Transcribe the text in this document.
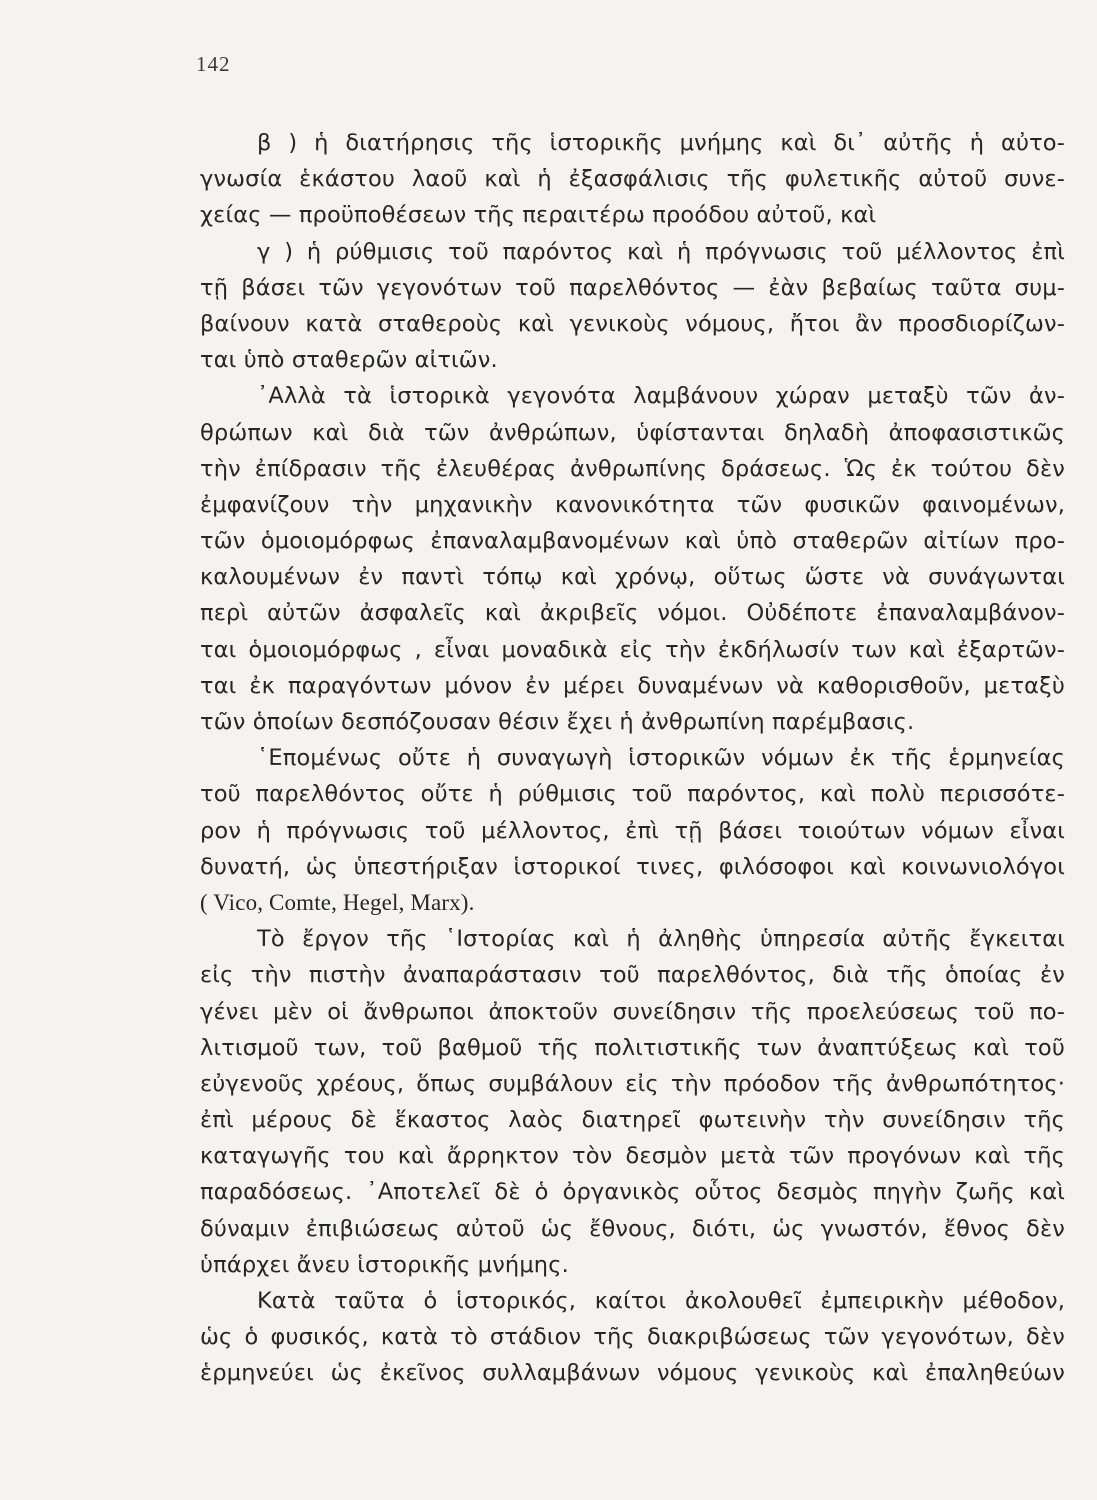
142
β ) ἡ διατήρησις τῆς ἱστορικῆς μνήμης καὶ δι᾽ αὐτῆς ἡ αὐτο-
γνωσία ἑκάστου λαοῦ καὶ ἡ ἐξασφάλισις τῆς φυλετικῆς αὐτοῦ συνε-
χείας — προϋποθέσεων τῆς περαιτέρω προόδου αὐτοῦ, καὶ
γ ) ἡ ρύθμισις τοῦ παρόντος καὶ ἡ πρόγνωσις τοῦ μέλλοντος ἐπὶ
τῇ βάσει τῶν γεγονότων τοῦ παρελθόντος — ἐὰν βεβαίως ταῦτα συμ-
βαίνουν κατὰ σταθεροὺς καὶ γενικοὺς νόμους, ἤτοι ἂν προσδιορίζων-
ται ὑπὸ σταθερῶν αἰτιῶν.
᾽Αλλὰ τὰ ἱστορικὰ γεγονότα λαμβάνουν χώραν μεταξὺ τῶν ἀν-
θρώπων καὶ διὰ τῶν ἀνθρώπων, ὑφίστανται δηλαδὴ ἀποφασιστικῶς
τὴν ἐπίδρασιν τῆς ἐλευθέρας ἀνθρωπίνης δράσεως. Ὡς ἐκ τούτου δὲν
ἐμφανίζουν τὴν μηχανικὴν κανονικότητα τῶν φυσικῶν φαινομένων,
τῶν ὁμοιομόρφως ἐπαναλαμβανομένων καὶ ὑπὸ σταθερῶν αἰτίων προ-
καλουμένων ἐν παντὶ τόπῳ καὶ χρόνῳ, οὕτως ὥστε νὰ συνάγωνται
περὶ αὐτῶν ἀσφαλεῖς καὶ ἀκριβεῖς νόμοι. Οὐδέποτε ἐπαναλαμβάνον-
ται ὁμοιομόρφως , εἶναι μοναδικὰ εἰς τὴν ἐκδήλωσίν των καὶ ἐξαρτῶν-
ται ἐκ παραγόντων μόνον ἐν μέρει δυναμένων νὰ καθορισθοῦν, μεταξὺ
τῶν ὁποίων δεσπόζουσαν θέσιν ἔχει ἡ ἀνθρωπίνη παρέμβασις.
῾Επομένως οὔτε ἡ συναγωγὴ ἱστορικῶν νόμων ἐκ τῆς ἑρμηνείας
τοῦ παρελθόντος οὔτε ἡ ρύθμισις τοῦ παρόντος, καὶ πολὺ περισσότε-
ρον ἡ πρόγνωσις τοῦ μέλλοντος, ἐπὶ τῇ βάσει τοιούτων νόμων εἶναι
δυνατή, ὡς ὑπεστήριξαν ἱστορικοί τινες, φιλόσοφοι καὶ κοινωνιολόγοι
( Vico, Comte, Hegel, Marx).
Τὸ ἔργον τῆς ῾Ιστορίας καὶ ἡ ἀληθὴς ὑπηρεσία αὐτῆς ἔγκειται
εἰς τὴν πιστὴν ἀναπαράστασιν τοῦ παρελθόντος, διὰ τῆς ὁποίας ἐν
γένει μὲν οἱ ἄνθρωποι ἀποκτοῦν συνείδησιν τῆς προελεύσεως τοῦ πο-
λιτισμοῦ των, τοῦ βαθμοῦ τῆς πολιτιστικῆς των ἀναπτύξεως καὶ τοῦ
εὐγενοῦς χρέους, ὅπως συμβάλουν εἰς τὴν πρόοδον τῆς ἀνθρωπότητος·
ἐπὶ μέρους δὲ ἕκαστος λαὸς διατηρεῖ φωτεινὴν τὴν συνείδησιν τῆς
καταγωγῆς του καὶ ἄρρηκτον τὸν δεσμὸν μετὰ τῶν προγόνων καὶ τῆς
παραδόσεως. ᾽Αποτελεῖ δὲ ὁ ὀργανικὸς οὗτος δεσμὸς πηγὴν ζωῆς καὶ
δύναμιν ἐπιβιώσεως αὐτοῦ ὡς ἔθνους, διότι, ὡς γνωστόν, ἔθνος δὲν
ὑπάρχει ἄνευ ἱστορικῆς μνήμης.
Κατὰ ταῦτα ὁ ἱστορικός, καίτοι ἀκολουθεῖ ἐμπειρικὴν μέθοδον,
ὡς ὁ φυσικός, κατὰ τὸ στάδιον τῆς διακριβώσεως τῶν γεγονότων, δὲν
ἑρμηνεύει ὡς ἐκεῖνος συλλαμβάνων νόμους γενικοὺς καὶ ἐπαληθεύων
